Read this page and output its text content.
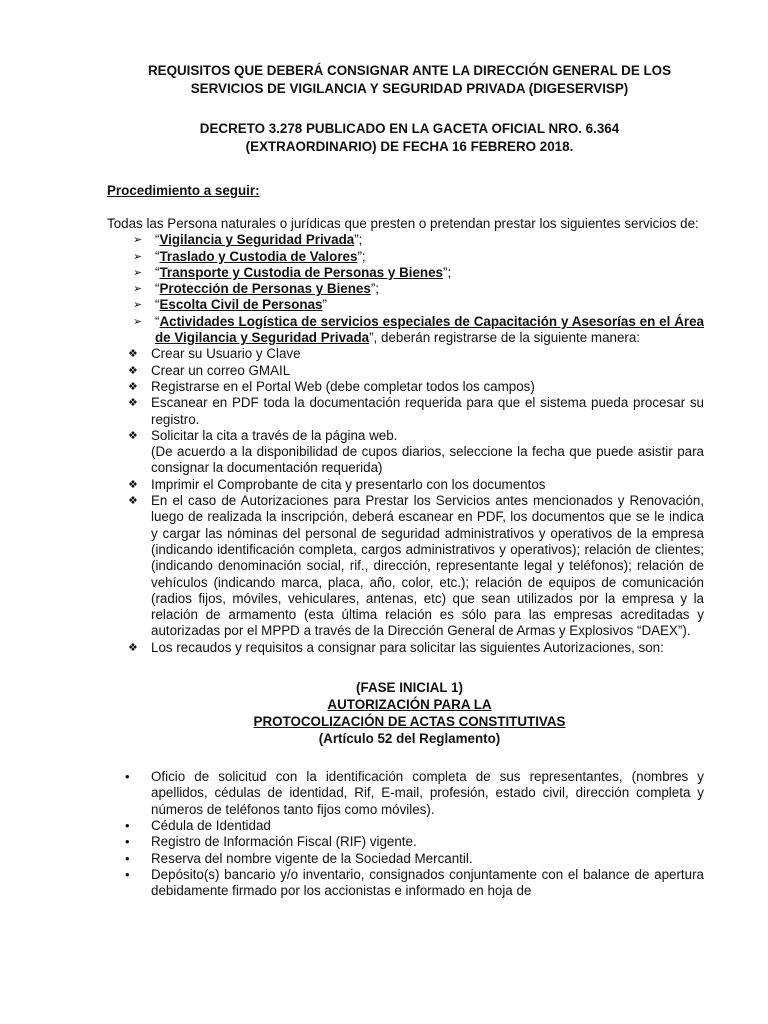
REQUISITOS QUE DEBERÁ CONSIGNAR ANTE LA DIRECCIÓN GENERAL DE LOS

SERVICIOS DE VIGILANCIA Y SEGURIDAD PRIVADA (DIGESERVISP)

DECRETO 3.278 PUBLICADO EN LA GACETA OFICIAL NRO. 6.364

(EXTRAORDINARIO) DE FECHA 16 FEBRERO 2018.

Procedimiento a seguir:
Todas las Persona naturales o jurídicas que presten o pretendan prestar los siguientes servicios de:
➢ “Vigilancia y Seguridad Privada”;
➢ “Traslado y Custodia de Valores”;
➢ “Transporte y Custodia de Personas y Bienes”;
➢ “Protección de Personas y Bienes”;
➢ “Escolta Civil de Personas”
➢ “Actividades Logística de servicios especiales de Capacitación y Asesorías en el Área de Vigilancia y Seguridad Privada”, deberán registrarse de la siguiente manera:
❖ Crear su Usuario y Clave
❖ Crear un correo GMAIL
❖ Registrarse en el Portal Web (debe completar todos los campos)
❖ Escanear en PDF toda la documentación requerida para que el sistema pueda procesar su registro.
❖ Solicitar la cita a través de la página web.
(De acuerdo a la disponibilidad de cupos diarios, seleccione la fecha que puede asistir para consignar la documentación requerida)
❖ Imprimir el Comprobante de cita y presentarlo con los documentos
❖ En el caso de Autorizaciones para Prestar los Servicios antes mencionados y Renovación, luego de realizada la inscripción, deberá escanear en PDF, los documentos que se le indica y cargar las nóminas del personal de seguridad administrativos y operativos de la empresa (indicando identificación completa, cargos administrativos y operativos); relación de clientes; (indicando denominación social, rif., dirección, representante legal y teléfonos); relación de vehículos (indicando marca, placa, año, color, etc.); relación de equipos de comunicación (radios fijos, móviles, vehiculares, antenas, etc) que sean utilizados por la empresa y la relación de armamento (esta última relación es sólo para las empresas acreditadas y autorizadas por el MPPD a través de la Dirección General de Armas y Explosivos “DAEX”).
❖ Los recaudos y requisitos a consignar para solicitar las siguientes Autorizaciones, son:

(FASE INICIAL 1)

AUTORIZACIÓN PARA LA

PROTOCOLIZACIÓN DE ACTAS CONSTITUTIVAS

(Artículo 52 del Reglamento)

• Oficio de solicitud con la identificación completa de sus representantes, (nombres y apellidos, cédulas de identidad, Rif, E-mail, profesión, estado civil, dirección completa y números de teléfonos tanto fijos como móviles).
• Cédula de Identidad
• Registro de Información Fiscal (RIF) vigente.
• Reserva del nombre vigente de la Sociedad Mercantil.
• Depósito(s) bancario y/o inventario, consignados conjuntamente con el balance de apertura debidamente firmado por los accionistas e informado en hoja de
